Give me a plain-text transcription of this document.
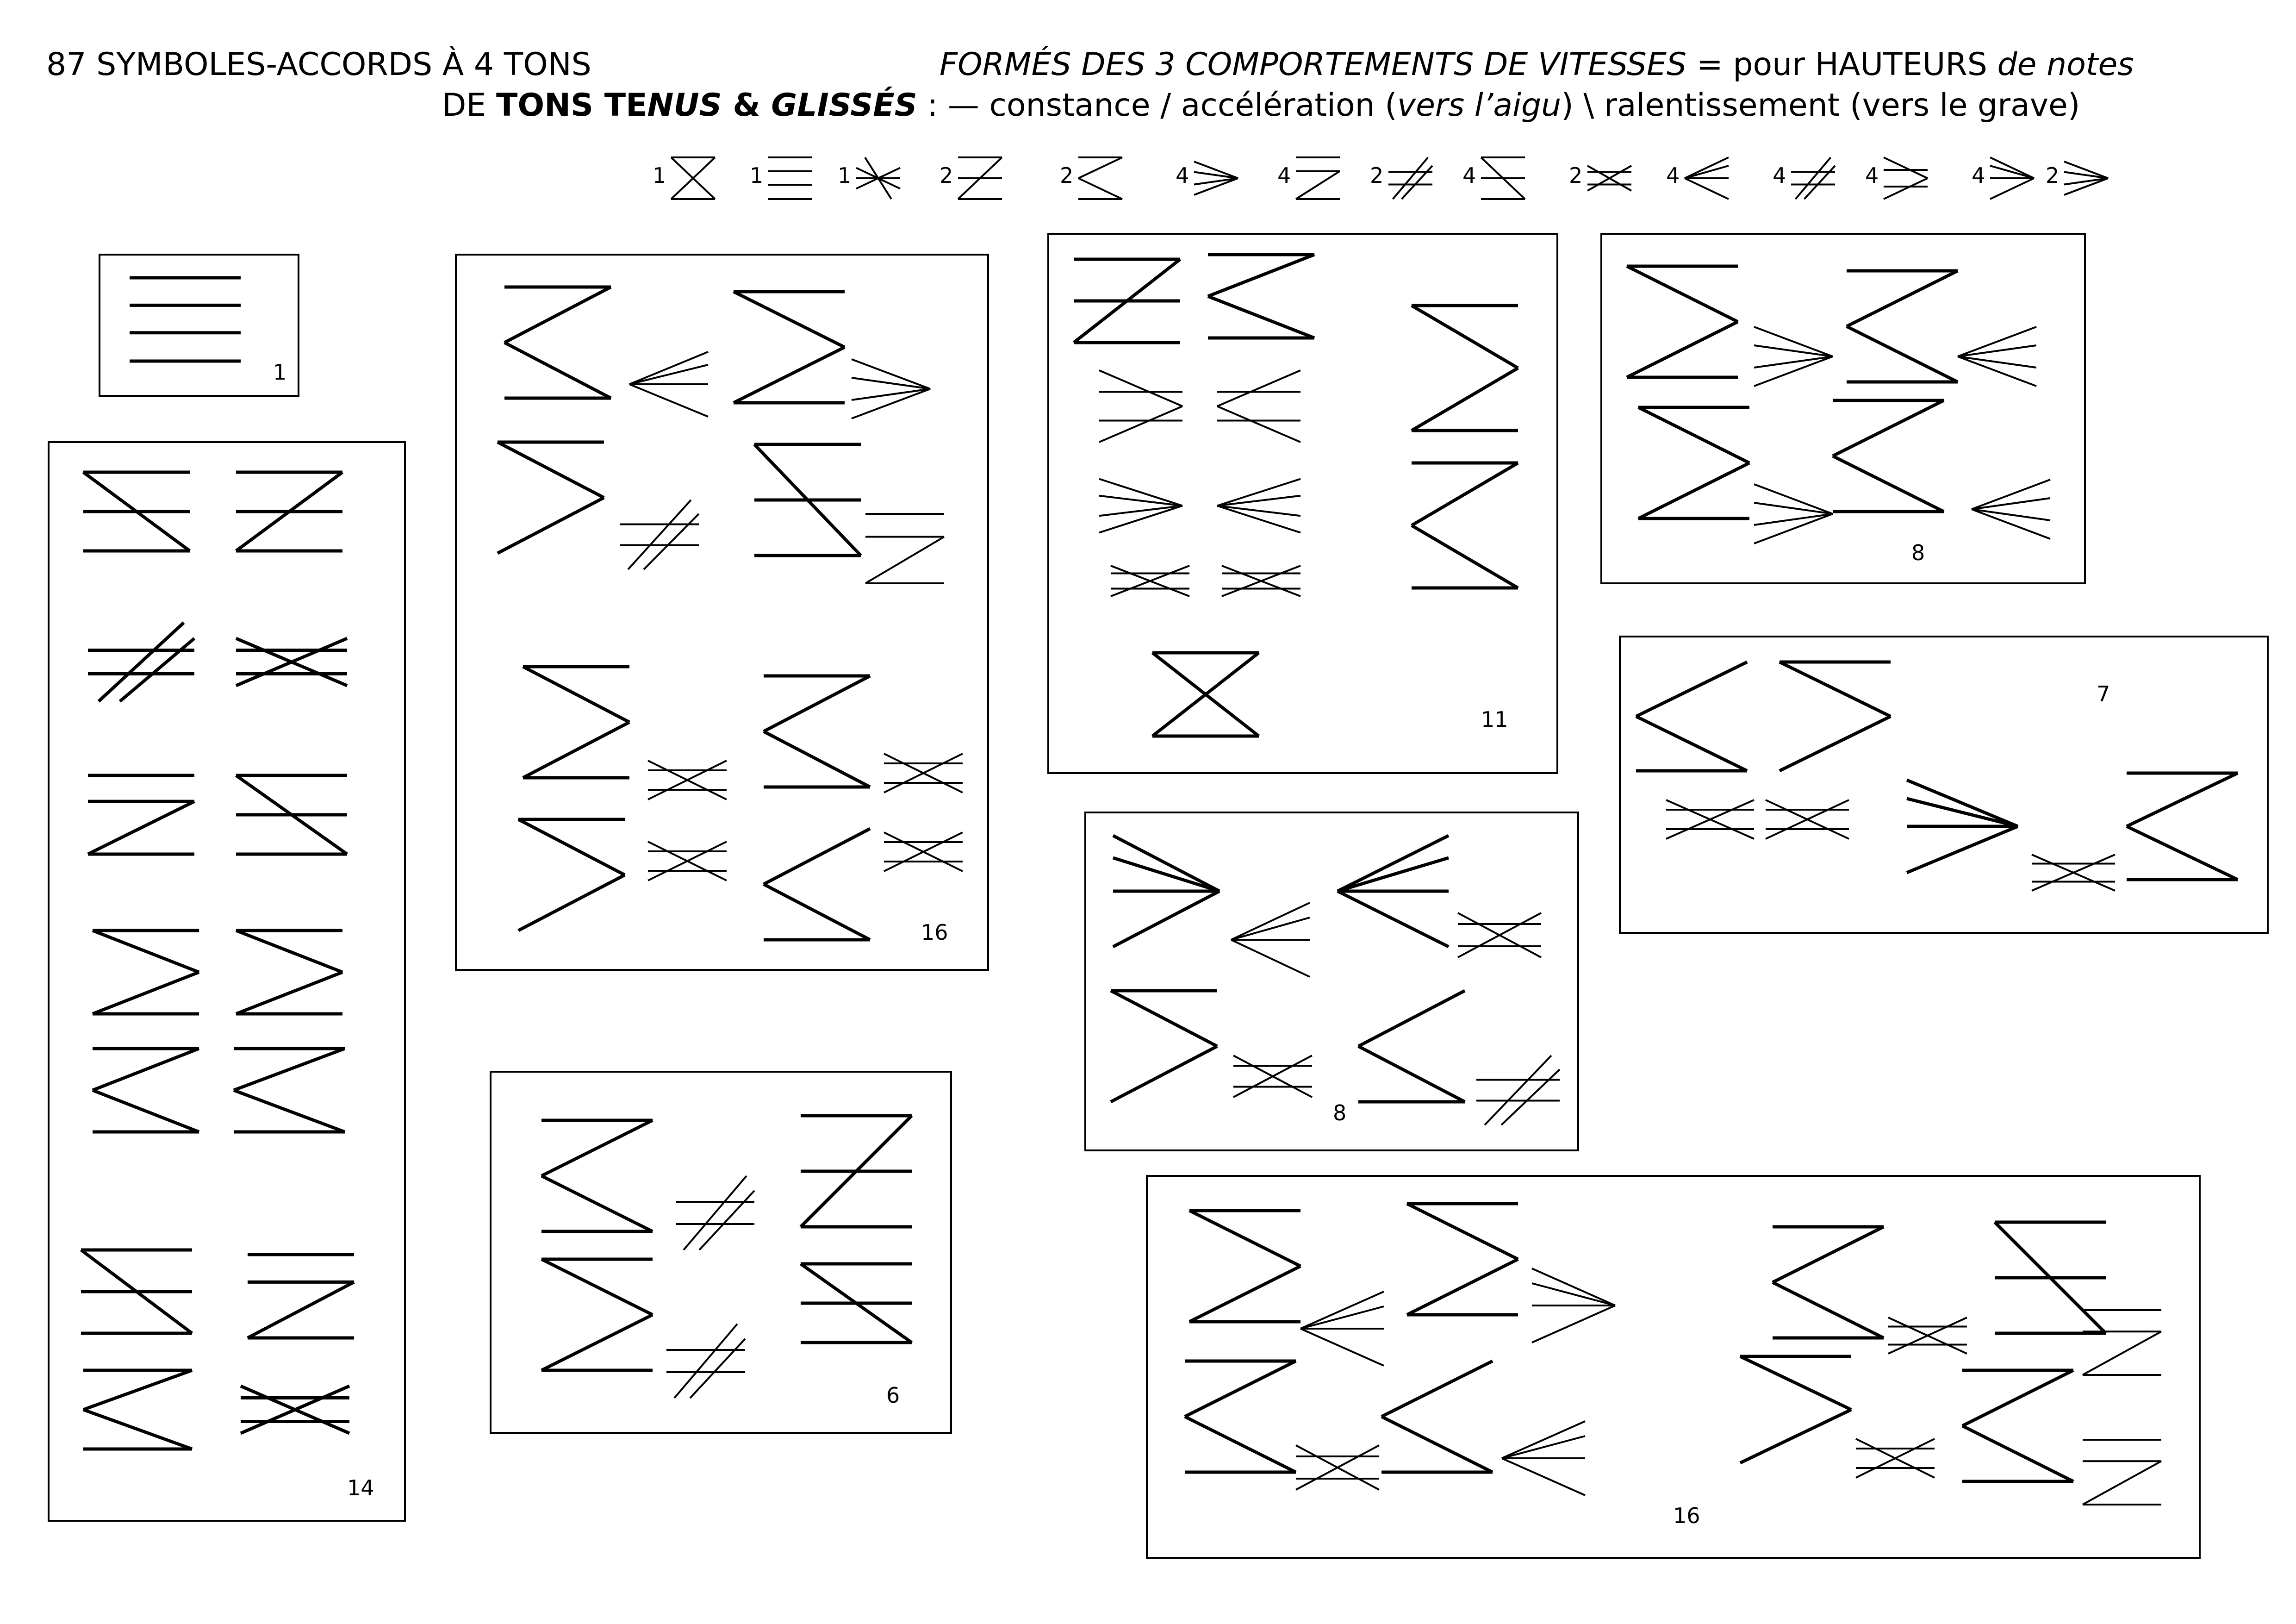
87 SYMBOLES-ACCORDS À 4 TONS	FORMÉS DES 3 COMPORTEMENTS DE VITESSES = pour HAUTEURS de notes
DE TONS TENUS & GLISSÉS : — constance / accélération (vers l’aigu) \ ralentissement (vers le grave)
1	1	1	2	2	4	4	2	4	2	4	4	4	4	2
1
14
16
6
11
8
8
7
16
